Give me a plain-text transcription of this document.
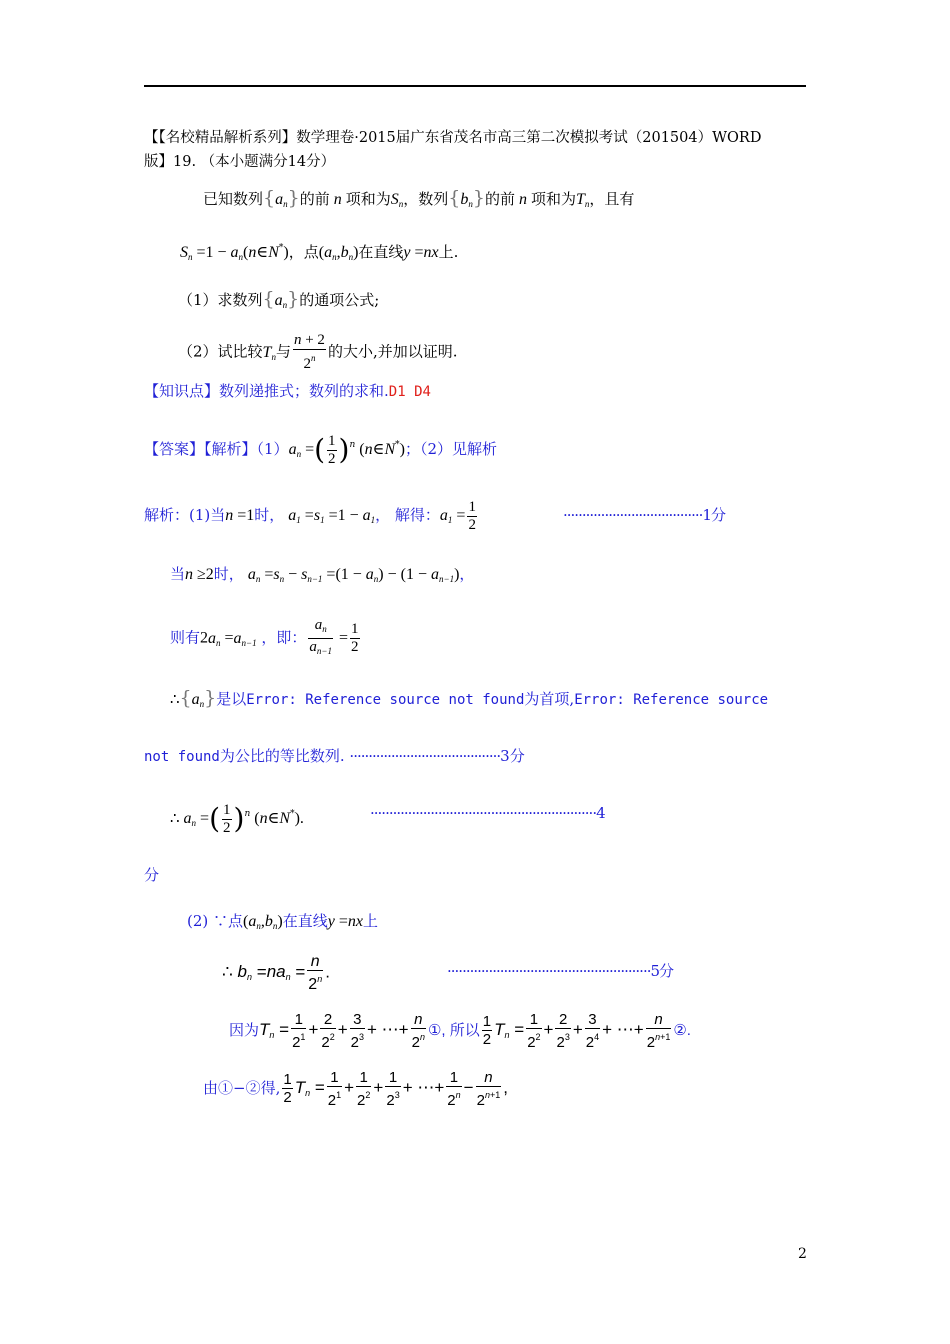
【【名校精品解析系列】数学理卷·2015届广东省茂名市高三第二次模拟考试（201504）WORD
版】19. （本小题满分14分）
已知数列$\{a_n\}$的前 n 项和为$S_n$，数列$\{b_n\}$的前 n 项和为$T_n$，且有
$S_n =1$ − $a_n(n\in N^*)$，点$(a_n,b_n)$在直线y =nx上.
（1）求数列$\{a_n\}$的通项公式;
（2）试比较$T_n$与 $\frac{n + 2}{2^n}$ 的大小,并加以证明.
【知识点】数列递推式；数列的求和.D1 D4
【答案】【解析】$(1)a_n$ =( $\frac{1}{2} )^n$ (n∈N*)；（2）见解析
解析：(1)当n =1时， $a_1 =s_1 =1 - a_1$， 解得：$a_1 = \frac{1}{2}$	·····································1分
当n ≥2时， $a_n =s_n - s_{n-1} =(1 - a_n) - (1 - a_{n-1})$，
则有$2a_n =a_{n-1}$ ，即： $\frac{a_n}{a_{n-1}} = \frac{1}{2}$
$\therefore\{a_n\}$是以Error: Reference source not found为首项,Error: Reference source
not found为公比的等比数列. ········································3分
∴ $a_n$ =( $\frac{1}{2} )^n$ (n∈N*).	····························································4
分
(2) ∵点$(a_n,b_n)$在直线y =nx上
∴ $b_n =na_n = \frac{n}{2^n}$ .	······················································5分
因为$T_n = \frac{1}{2^1} + \frac{2}{2^2} + \frac{3}{2^3}$ + ⋯+ $\frac{n}{2^n}$ ①, 所以 $\frac{1}{2} T_n = \frac{1}{2^2} + \frac{2}{2^3} + \frac{3}{2^4}$ + ⋯+ $\frac{n}{2^{n+1}}$ ②.
由①−②得, $\frac{1}{2} T_n = \frac{1}{2^1} + \frac{1}{2^2} + \frac{1}{2^3}$ + ⋯+ $\frac{1}{2^n} - \frac{n}{2^{n+1}}$ ,
2
